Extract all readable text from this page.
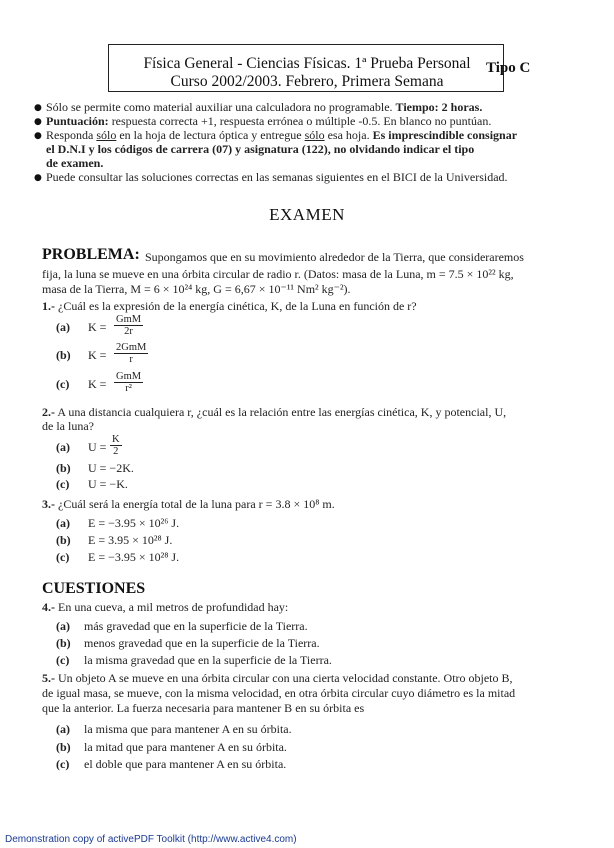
Física General - Ciencias Físicas. 1ª Prueba Personal
Curso 2002/2003. Febrero, Primera Semana
Tipo C
● Sólo se permite como material auxiliar una calculadora no programable. Tiempo: 2 horas.
● Puntuación: respuesta correcta +1, respuesta errónea o múltiple -0.5. En blanco no puntúan.
● Responda sólo en la hoja de lectura óptica y entregue sólo esa hoja. Es imprescindible consignar
el D.N.I y los códigos de carrera (07) y asignatura (122), no olvidando indicar el tipo
de examen.
● Puede consultar las soluciones correctas en las semanas siguientes en el BICI de la Universidad.
EXAMEN
PROBLEMA: Supongamos que en su movimiento alrededor de la Tierra, que consideraremos
fija, la luna se mueve en una órbita circular de radio r. (Datos: masa de la Luna, m = 7.5 × 10²² kg,
masa de la Tierra, M = 6 × 10²⁴ kg, G = 6,67 × 10⁻¹¹ Nm² kg⁻²).
1.- ¿Cuál es la expresión de la energía cinética, K, de la Luna en función de r?
(a) K =
GmM
2r
(b) K =
2GmM
r
(c) K =
GmM
r²
2.- A una distancia cualquiera r, ¿cuál es la relación entre las energías cinética, K, y potencial, U,
de la luna?
(a) $U = \frac{K}{2}$
(b) U = −2K.
(c) U = −K.
3.- ¿Cuál será la energía total de la luna para r = 3.8 × 10⁸ m.
(a) E = −3.95 × 10²⁶ J.
(b) E = 3.95 × 10²⁸ J.
(c) E = −3.95 × 10²⁸ J.
CUESTIONES
4.- En una cueva, a mil metros de profundidad hay:
(a) más gravedad que en la superficie de la Tierra.
(b) menos gravedad que en la superficie de la Tierra.
(c) la misma gravedad que en la superficie de la Tierra.
5.- Un objeto A se mueve en una órbita circular con una cierta velocidad constante. Otro objeto B,
de igual masa, se mueve, con la misma velocidad, en otra órbita circular cuyo diámetro es la mitad
que la anterior. La fuerza necesaria para mantener B en su órbita es
(a) la misma que para mantener A en su órbita.
(b) la mitad que para mantener A en su órbita.
(c) el doble que para mantener A en su órbita.
Demonstration copy of activePDF Toolkit (http://www.active4.com)
